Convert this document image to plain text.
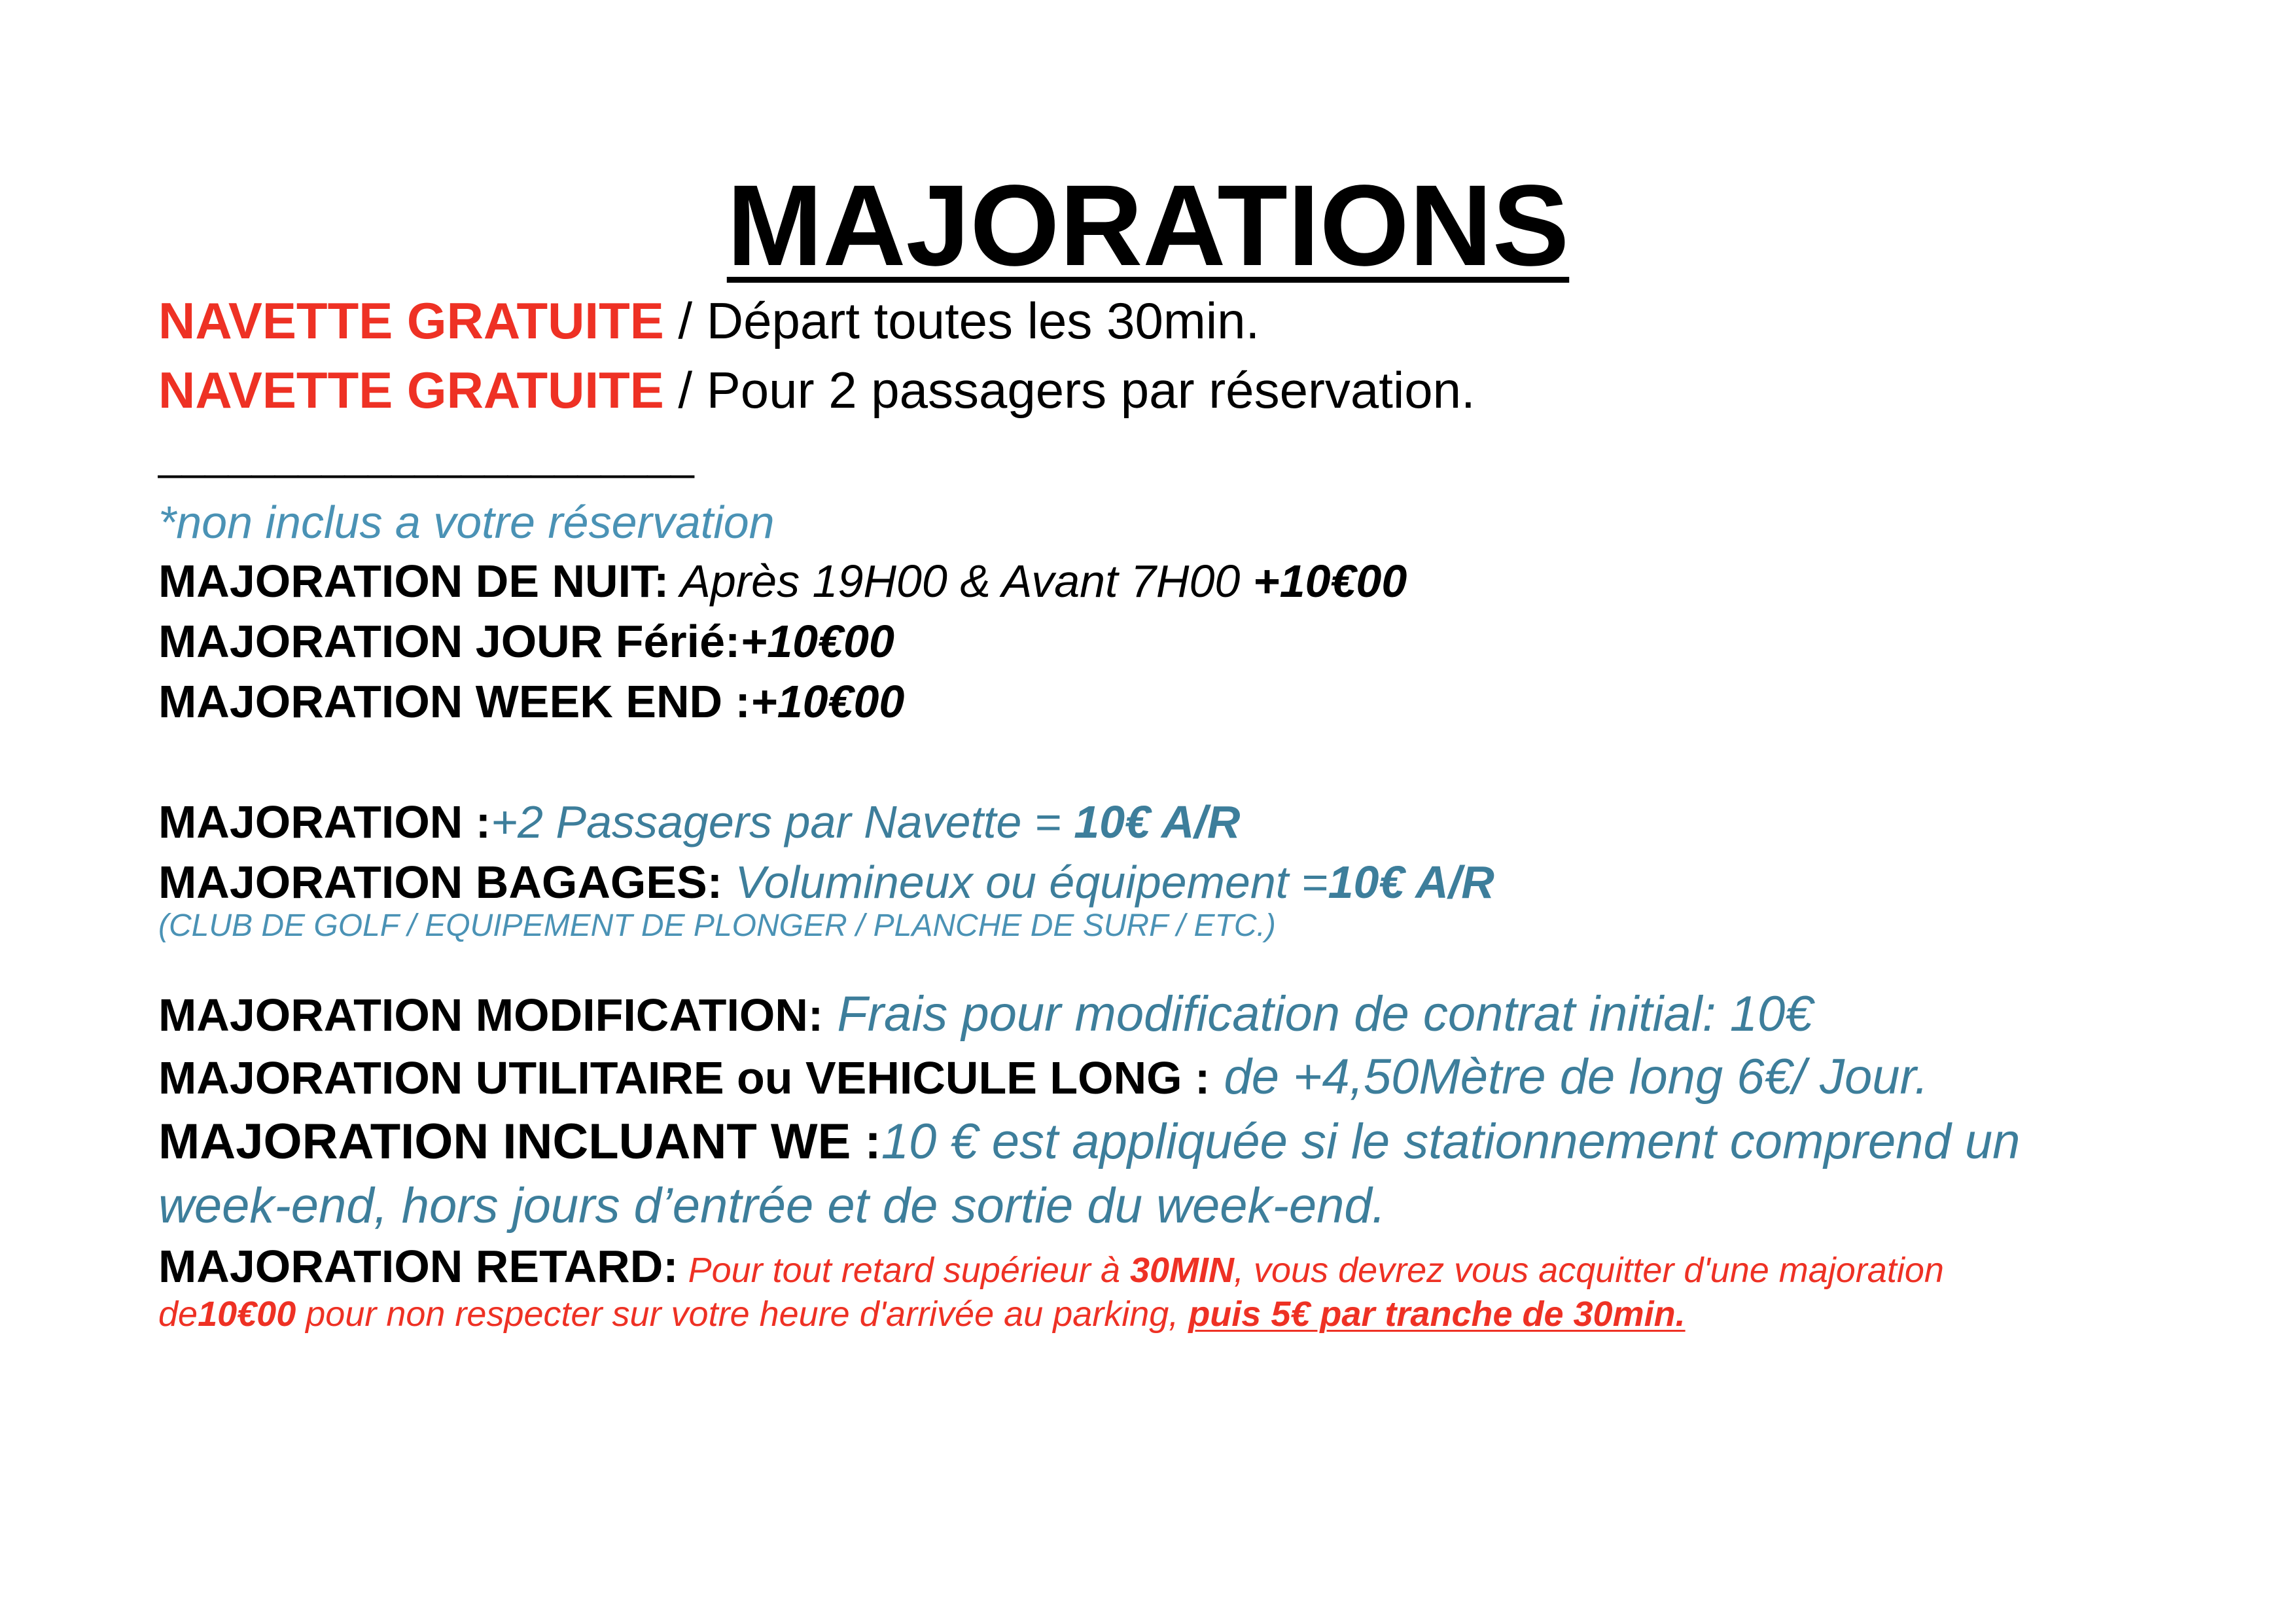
MAJORATIONS
NAVETTE GRATUITE / Départ toutes les 30min.
NAVETTE GRATUITE / Pour 2 passagers par réservation.
_______________________
*non inclus a votre réservation
MAJORATION DE NUIT: Après 19H00 & Avant 7H00 +10€00
MAJORATION JOUR Férié:+10€00
MAJORATION WEEK END :+10€00
MAJORATION :+2 Passagers par Navette = 10€ A/R
MAJORATION BAGAGES: Volumineux ou équipement =10€ A/R
(CLUB DE GOLF / EQUIPEMENT DE PLONGER / PLANCHE DE SURF / ETC.)
MAJORATION MODIFICATION: Frais pour modification de contrat initial: 10€
MAJORATION UTILITAIRE ou VEHICULE LONG : de +4,50Mètre de long 6€/ Jour.
MAJORATION INCLUANT WE :10 € est appliquée si le stationnement comprend un
week-end, hors jours d’entrée et de sortie du week-end.
MAJORATION RETARD: Pour tout retard supérieur à 30MIN, vous devrez vous acquitter d'une majoration
de10€00 pour non respecter sur votre heure d'arrivée au parking, puis 5€ par tranche de 30min.
